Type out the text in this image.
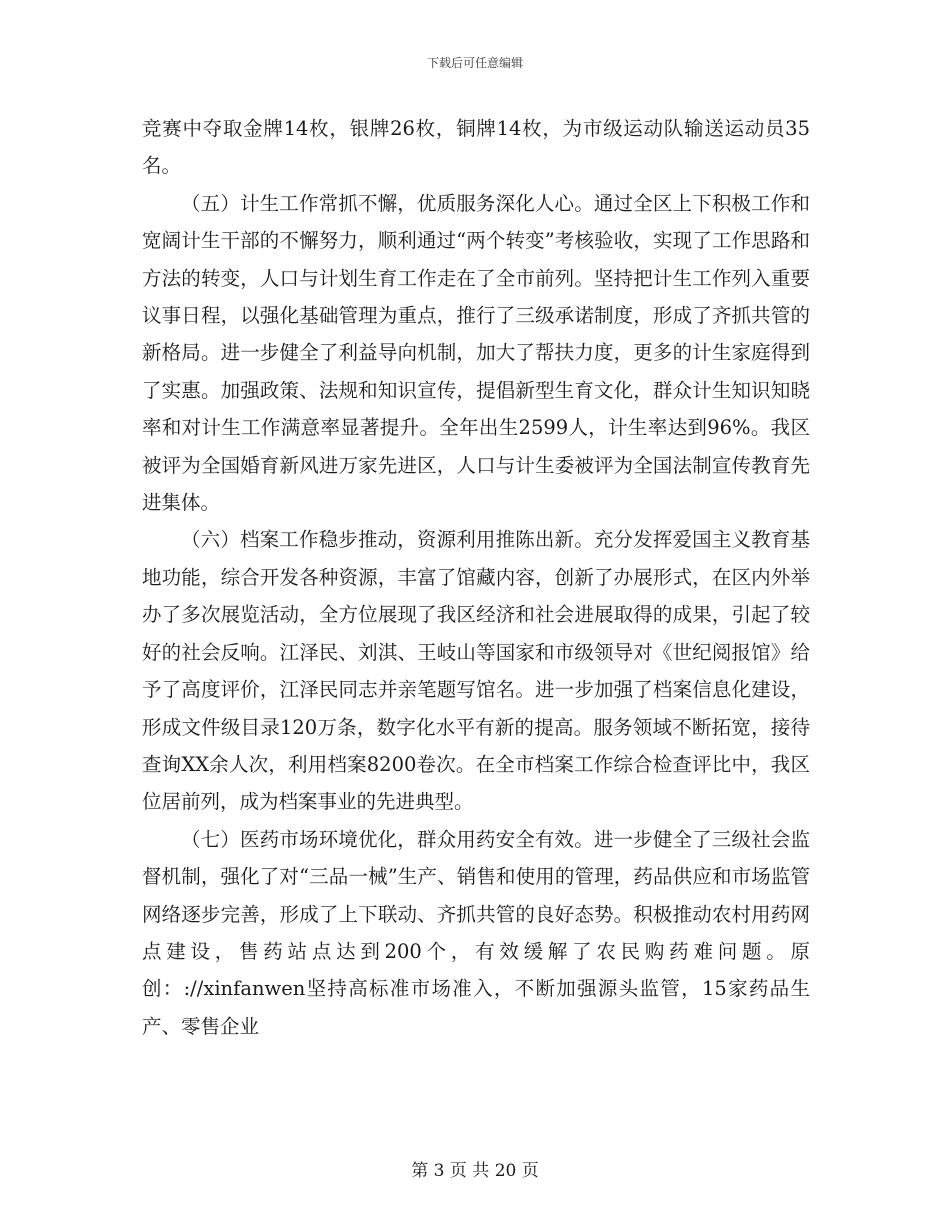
下载后可任意编辑

竞赛中夺取金牌14枚，银牌26枚，铜牌14枚，为市级运动队输送运动员35名。

（五）计生工作常抓不懈，优质服务深化人心。通过全区上下积极工作和宽阔计生干部的不懈努力，顺利通过“两个转变”考核验收，实现了工作思路和方法的转变，人口与计划生育工作走在了全市前列。坚持把计生工作列入重要议事日程，以强化基础管理为重点，推行了三级承诺制度，形成了齐抓共管的新格局。进一步健全了利益导向机制，加大了帮扶力度，更多的计生家庭得到了实惠。加强政策、法规和知识宣传，提倡新型生育文化，群众计生知识知晓率和对计生工作满意率显著提升。全年出生2599人，计生率达到96%。我区被评为全国婚育新风进万家先进区，人口与计生委被评为全国法制宣传教育先进集体。

（六）档案工作稳步推动，资源利用推陈出新。充分发挥爱国主义教育基地功能，综合开发各种资源，丰富了馆藏内容，创新了办展形式，在区内外举办了多次展览活动，全方位展现了我区经济和社会进展取得的成果，引起了较好的社会反响。江泽民、刘淇、王岐山等国家和市级领导对《世纪阅报馆》给予了高度评价，江泽民同志并亲笔题写馆名。进一步加强了档案信息化建设，形成文件级目录120万条，数字化水平有新的提高。服务领域不断拓宽，接待查询XX余人次，利用档案8200卷次。在全市档案工作综合检查评比中，我区位居前列，成为档案事业的先进典型。

（七）医药市场环境优化，群众用药安全有效。进一步健全了三级社会监督机制，强化了对“三品一械”生产、销售和使用的管理，药品供应和市场监管网络逐步完善，形成了上下联动、齐抓共管的良好态势。积极推动农村用药网点建设，售药站点达到200个，有效缓解了农民购药难问题。原创：://xinfanwen坚持高标准市场准入，不断加强源头监管，15家药品生产、零售企业

第 3 页 共 20 页
